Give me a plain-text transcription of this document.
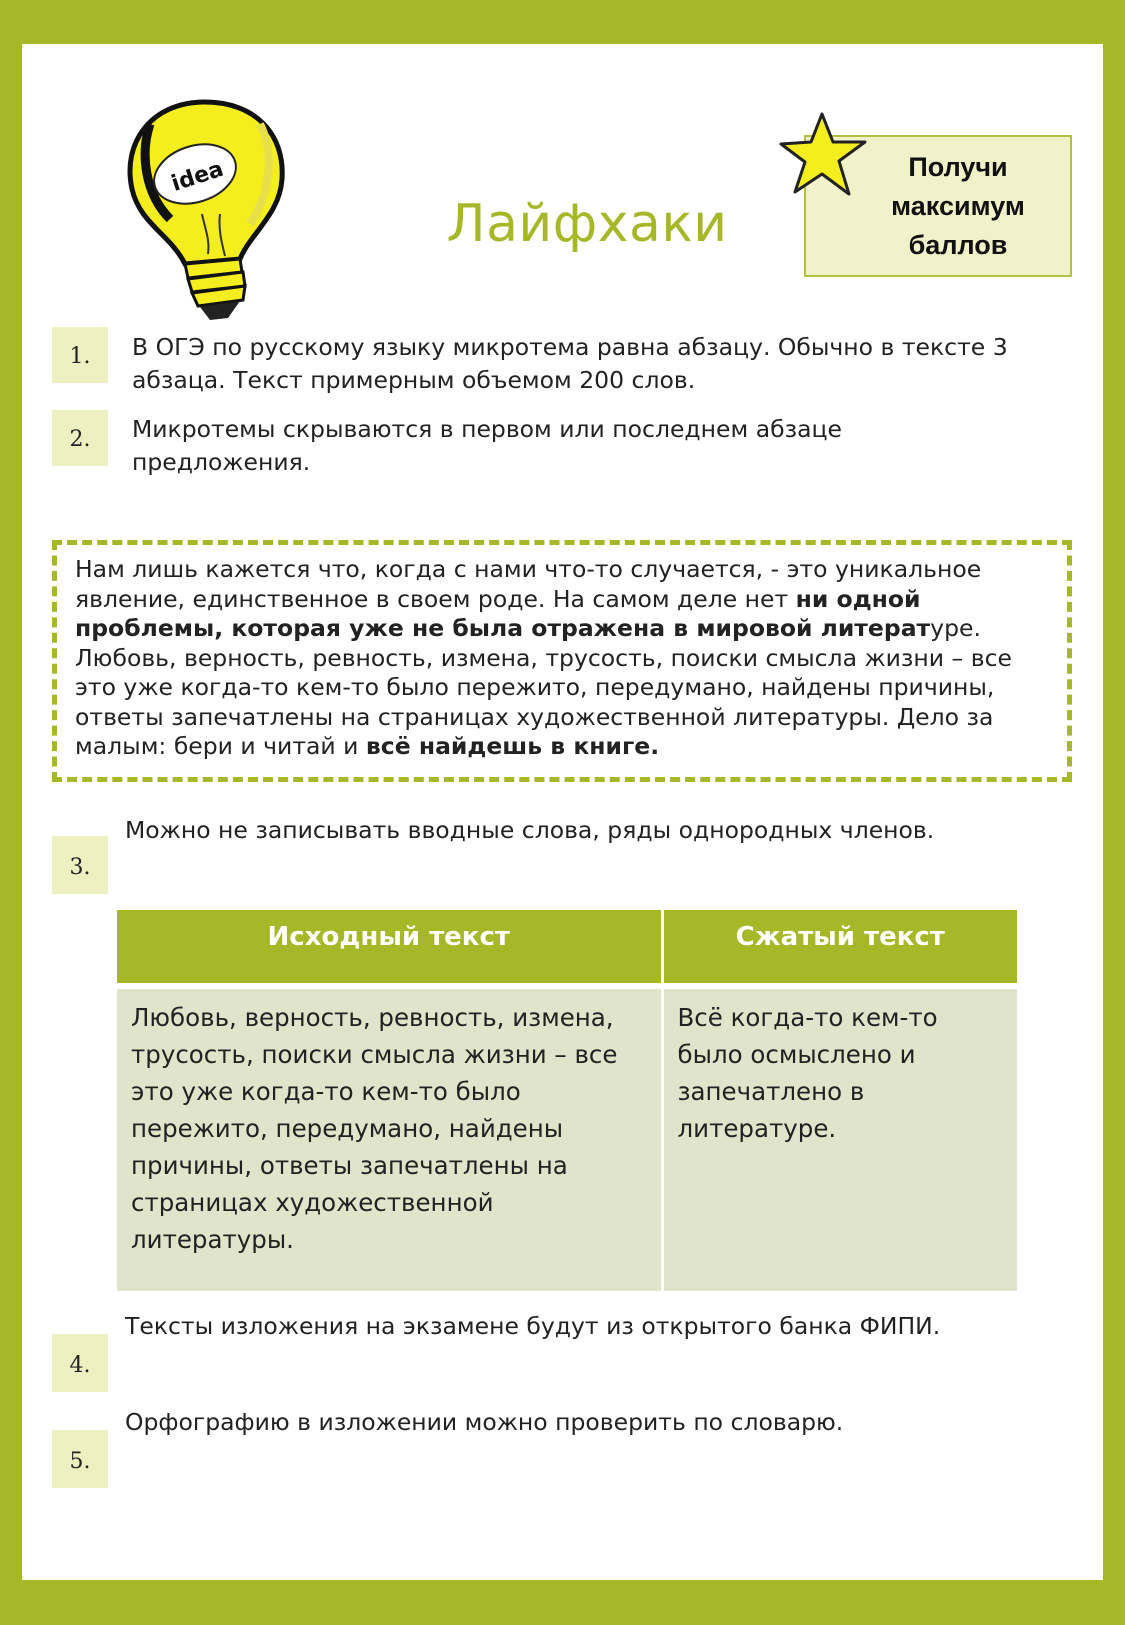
idea
Лайфхаки
Получи
максимум
баллов
1.	В ОГЭ по русскому языку микротема равна абзацу. Обычно в тексте 3 абзаца. Текст примерным объемом 200 слов.
2.	Микротемы скрываются в первом или последнем абзаце предложения.
Нам лишь кажется что, когда с нами что-то случается, - это уникальное явление, единственное в своем роде. На самом деле нет ни одной проблемы, которая уже не была отражена в мировой литературе. Любовь, верность, ревность, измена, трусость, поиски смысла жизни – все это уже когда-то кем-то было пережито, передумано, найдены причины, ответы запечатлены на страницах художественной литературы. Дело за малым: бери и читай и всё найдешь в книге.
3.
Можно не записывать вводные слова, ряды однородных членов.
Исходный текст	Сжатый текст
Любовь, верность, ревность, измена, трусость, поиски смысла жизни – все это уже когда-то кем-то было пережито, передумано, найдены причины, ответы запечатлены на страницах художественной литературы.	Всё когда-то кем-то было осмыслено и запечатлено в литературе.
4.
Тексты изложения на экзамене будут из открытого банка ФИПИ.
5.
Орфографию в изложении можно проверить по словарю.
